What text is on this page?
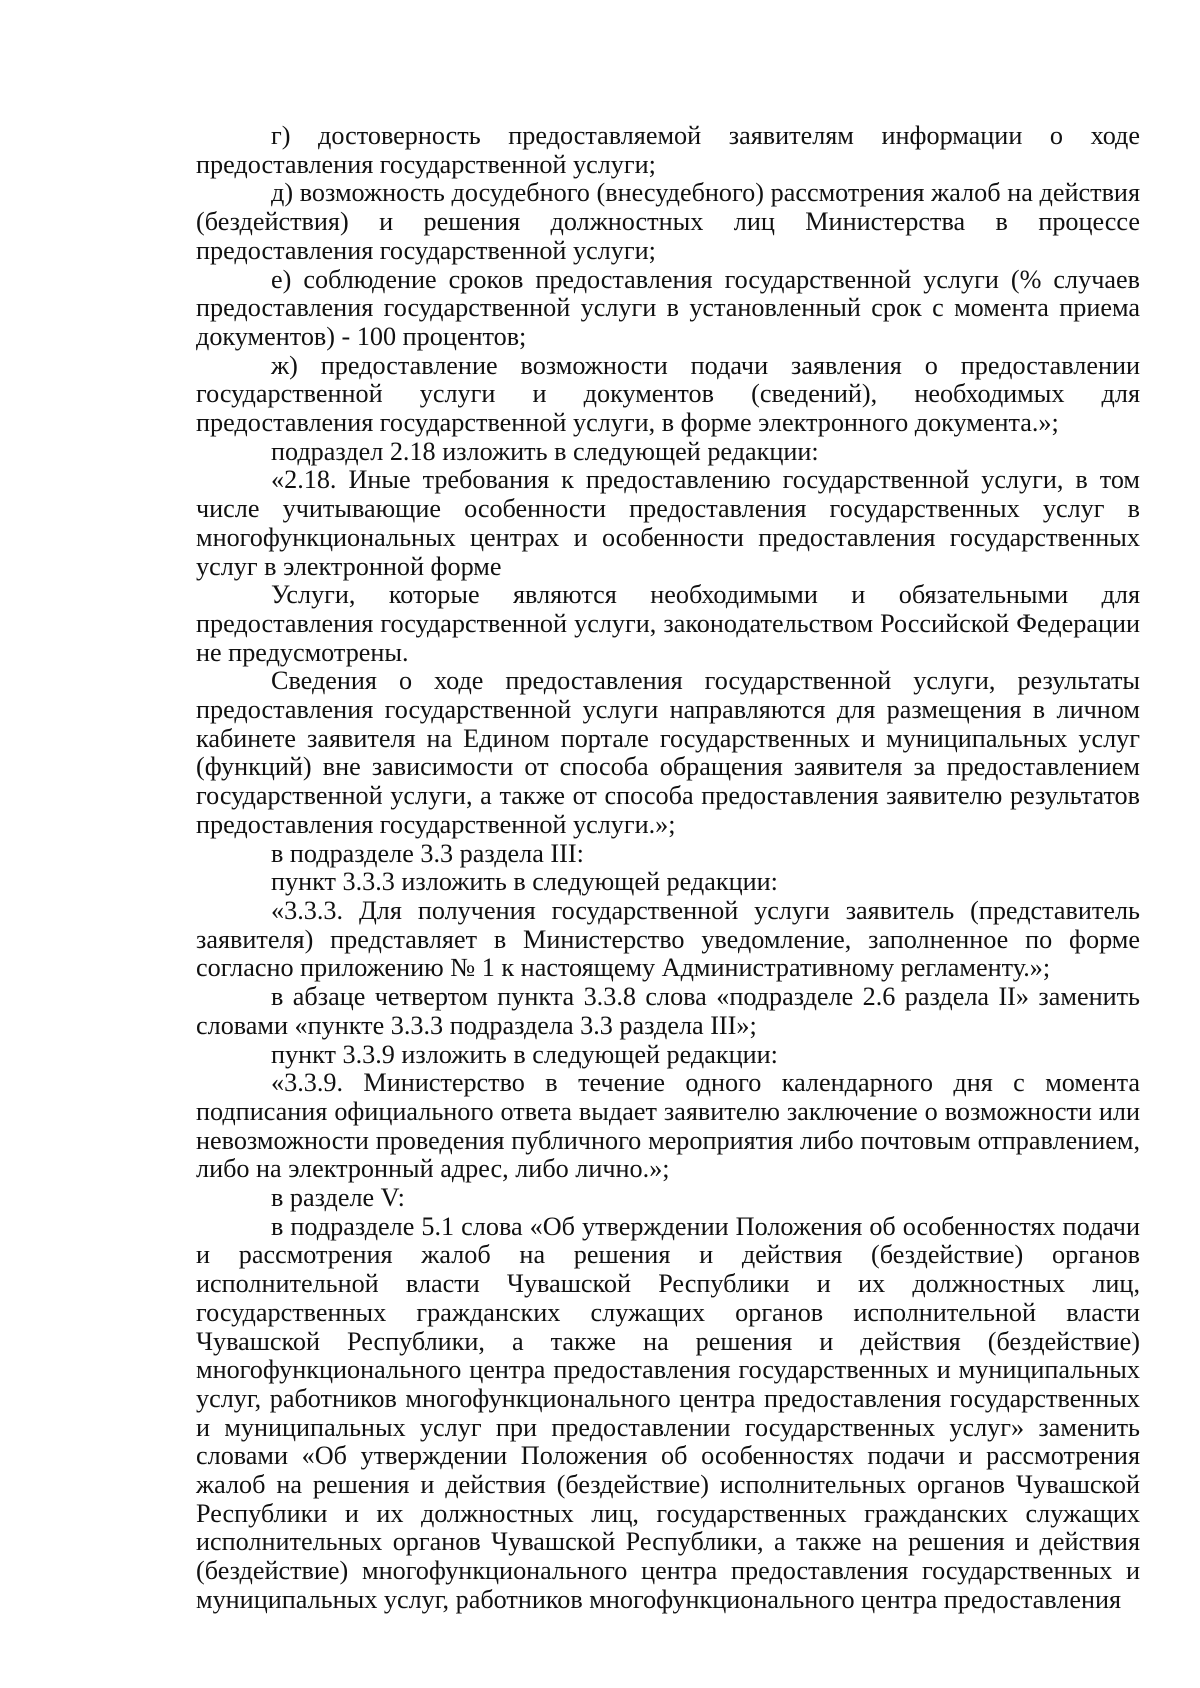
г) достоверность предоставляемой заявителям информации о ходе предоставления государственной услуги;

д) возможность досудебного (внесудебного) рассмотрения жалоб на действия (бездействия) и решения должностных лиц Министерства в процессе предоставления государственной услуги;

е) соблюдение сроков предоставления государственной услуги (% случаев предоставления государственной услуги в установленный срок с момента приема документов) - 100 процентов;

ж) предоставление возможности подачи заявления о предоставлении государственной услуги и документов (сведений), необходимых для предоставления государственной услуги, в форме электронного документа.»;

подраздел 2.18 изложить в следующей редакции:

«2.18. Иные требования к предоставлению государственной услуги, в том числе учитывающие особенности предоставления государственных услуг в многофункциональных центрах и особенности предоставления государственных услуг в электронной форме

Услуги, которые являются необходимыми и обязательными для предоставления государственной услуги, законодательством Российской Федерации не предусмотрены.

Сведения о ходе предоставления государственной услуги, результаты предоставления государственной услуги направляются для размещения в личном кабинете заявителя на Едином портале государственных и муниципальных услуг (функций) вне зависимости от способа обращения заявителя за предоставлением государственной услуги, а также от способа предоставления заявителю результатов предоставления государственной услуги.»;

в подразделе 3.3 раздела III:

пункт 3.3.3 изложить в следующей редакции:

«3.3.3. Для получения государственной услуги заявитель (представитель заявителя) представляет в Министерство уведомление, заполненное по форме согласно приложению № 1 к настоящему Административному регламенту.»;

в абзаце четвертом пункта 3.3.8 слова «подразделе 2.6 раздела II» заменить словами «пункте 3.3.3 подраздела 3.3 раздела III»;

пункт 3.3.9 изложить в следующей редакции:

«3.3.9. Министерство в течение одного календарного дня с момента подписания официального ответа выдает заявителю заключение о возможности или невозможности проведения публичного мероприятия либо почтовым отправлением, либо на электронный адрес, либо лично.»;

в разделе V:

в подразделе 5.1 слова «Об утверждении Положения об особенностях подачи и рассмотрения жалоб на решения и действия (бездействие) органов исполнительной власти Чувашской Республики и их должностных лиц, государственных гражданских служащих органов исполнительной власти Чувашской Республики, а также на решения и действия (бездействие) многофункционального центра предоставления государственных и муниципальных услуг, работников многофункционального центра предоставления государственных и муниципальных услуг при предоставлении государственных услуг» заменить словами «Об утверждении Положения об особенностях подачи и рассмотрения жалоб на решения и действия (бездействие) исполнительных органов Чувашской Республики и их должностных лиц, государственных гражданских служащих исполнительных органов Чувашской Республики, а также на решения и действия (бездействие) многофункционального центра предоставления государственных и муниципальных услуг, работников многофункционального центра предоставления
